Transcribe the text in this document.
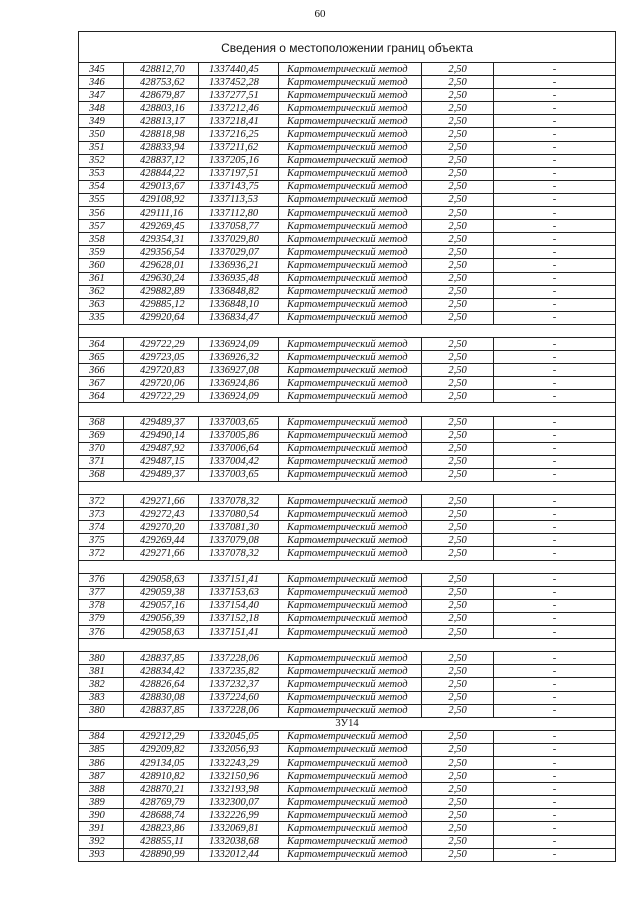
60
Сведения о местоположении границ объекта					
345	428812,70	1337440,45	Картометрический метод	2,50	-
346	428753,62	1337452,28	Картометрический метод	2,50	-
347	428679,87	1337277,51	Картометрический метод	2,50	-
348	428803,16	1337212,46	Картометрический метод	2,50	-
349	428813,17	1337218,41	Картометрический метод	2,50	-
350	428818,98	1337216,25	Картометрический метод	2,50	-
351	428833,94	1337211,62	Картометрический метод	2,50	-
352	428837,12	1337205,16	Картометрический метод	2,50	-
353	428844,22	1337197,51	Картометрический метод	2,50	-
354	429013,67	1337143,75	Картометрический метод	2,50	-
355	429108,92	1337113,53	Картометрический метод	2,50	-
356	429111,16	1337112,80	Картометрический метод	2,50	-
357	429269,45	1337058,77	Картометрический метод	2,50	-
358	429354,31	1337029,80	Картометрический метод	2,50	-
359	429356,54	1337029,07	Картометрический метод	2,50	-
360	429628,01	1336936,21	Картометрический метод	2,50	-
361	429630,24	1336935,48	Картометрический метод	2,50	-
362	429882,89	1336848,82	Картометрический метод	2,50	-
363	429885,12	1336848,10	Картометрический метод	2,50	-
335	429920,64	1336834,47	Картометрический метод	2,50	-

364	429722,29	1336924,09	Картометрический метод	2,50	-
365	429723,05	1336926,32	Картометрический метод	2,50	-
366	429720,83	1336927,08	Картометрический метод	2,50	-
367	429720,06	1336924,86	Картометрический метод	2,50	-
364	429722,29	1336924,09	Картометрический метод	2,50	-

368	429489,37	1337003,65	Картометрический метод	2,50	-
369	429490,14	1337005,86	Картометрический метод	2,50	-
370	429487,92	1337006,64	Картометрический метод	2,50	-
371	429487,15	1337004,42	Картометрический метод	2,50	-
368	429489,37	1337003,65	Картометрический метод	2,50	-

372	429271,66	1337078,32	Картометрический метод	2,50	-
373	429272,43	1337080,54	Картометрический метод	2,50	-
374	429270,20	1337081,30	Картометрический метод	2,50	-
375	429269,44	1337079,08	Картометрический метод	2,50	-
372	429271,66	1337078,32	Картометрический метод	2,50	-

376	429058,63	1337151,41	Картометрический метод	2,50	-
377	429059,38	1337153,63	Картометрический метод	2,50	-
378	429057,16	1337154,40	Картометрический метод	2,50	-
379	429056,39	1337152,18	Картометрический метод	2,50	-
376	429058,63	1337151,41	Картометрический метод	2,50	-

380	428837,85	1337228,06	Картометрический метод	2,50	-
381	428834,42	1337235,82	Картометрический метод	2,50	-
382	428826,64	1337232,37	Картометрический метод	2,50	-
383	428830,08	1337224,60	Картометрический метод	2,50	-
380	428837,85	1337228,06	Картометрический метод	2,50	-
3У14					
384	429212,29	1332045,05	Картометрический метод	2,50	-
385	429209,82	1332056,93	Картометрический метод	2,50	-
386	429134,05	1332243,29	Картометрический метод	2,50	-
387	428910,82	1332150,96	Картометрический метод	2,50	-
388	428870,21	1332193,98	Картометрический метод	2,50	-
389	428769,79	1332300,07	Картометрический метод	2,50	-
390	428688,74	1332226,99	Картометрический метод	2,50	-
391	428823,86	1332069,81	Картометрический метод	2,50	-
392	428855,11	1332038,68	Картометрический метод	2,50	-
393	428890,99	1332012,44	Картометрический метод	2,50	-
